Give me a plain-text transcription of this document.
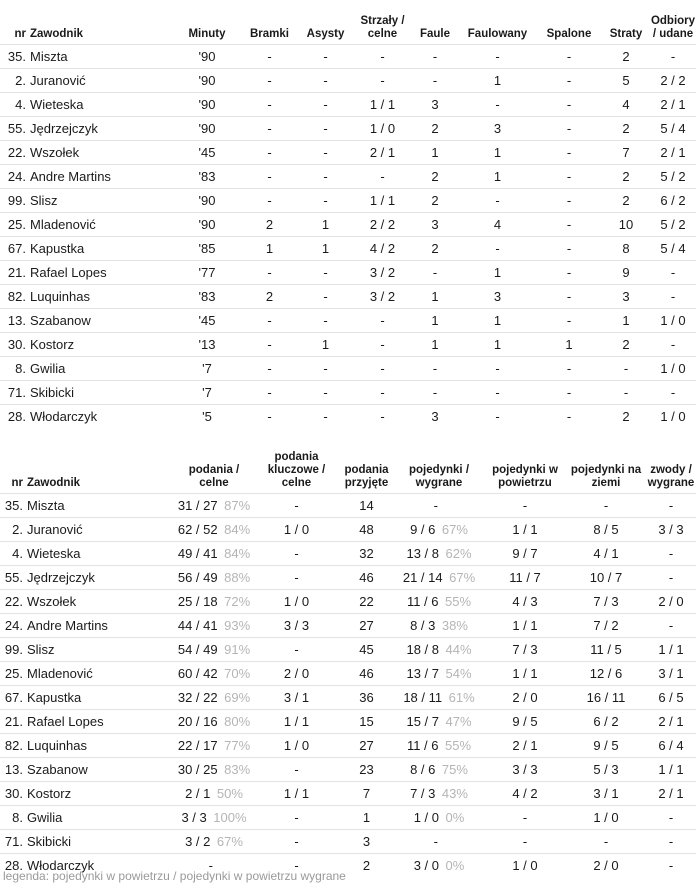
nr	Zawodnik	Minuty	Bramki	Asysty	Strzały / celne	Faule	Faulowany	Spalone	Straty	Odbiory / udane
35.	Miszta	'90	-	-	-	-	-	-	2	-
2.	Juranović	'90	-	-	-	-	1	-	5	2 / 2
4.	Wieteska	'90	-	-	1 / 1	3	-	-	4	2 / 1
55.	Jędrzejczyk	'90	-	-	1 / 0	2	3	-	2	5 / 4
22.	Wszołek	'45	-	-	2 / 1	1	1	-	7	2 / 1
24.	Andre Martins	'83	-	-	-	2	1	-	2	5 / 2
99.	Slisz	'90	-	-	1 / 1	2	-	-	2	6 / 2
25.	Mladenović	'90	2	1	2 / 2	3	4	-	10	5 / 2
67.	Kapustka	'85	1	1	4 / 2	2	-	-	8	5 / 4
21.	Rafael Lopes	'77	-	-	3 / 2	-	1	-	9	-
82.	Luquinhas	'83	2	-	3 / 2	1	3	-	3	-
13.	Szabanow	'45	-	-	-	1	1	-	1	1 / 0
30.	Kostorz	'13	-	1	-	1	1	1	2	-
8.	Gwilia	'7	-	-	-	-	-	-	-	1 / 0
71.	Skibicki	'7	-	-	-	-	-	-	-	-
28.	Włodarczyk	'5	-	-	-	3	-	-	2	1 / 0
nr	Zawodnik	podania / celne	podania kluczowe / celne	podania przyjęte	pojedynki / wygrane	pojedynki w powietrzu	pojedynki na ziemi	zwody / wygrane
35.	Miszta	31 / 27  87%	-	14	- 	-	-	-
2.	Juranović	62 / 52  84%	1 / 0	48	9 / 6  67%	1 / 1	8 / 5	3 / 3
4.	Wieteska	49 / 41  84%	-	32	13 / 8  62%	9 / 7	4 / 1	-
55.	Jędrzejczyk	56 / 49  88%	-	46	21 / 14  67%	11 / 7	10 / 7	-
22.	Wszołek	25 / 18  72%	1 / 0	22	11 / 6  55%	4 / 3	7 / 3	2 / 0
24.	Andre Martins	44 / 41  93%	3 / 3	27	8 / 3  38%	1 / 1	7 / 2	-
99.	Slisz	54 / 49  91%	-	45	18 / 8  44%	7 / 3	11 / 5	1 / 1
25.	Mladenović	60 / 42  70%	2 / 0	46	13 / 7  54%	1 / 1	12 / 6	3 / 1
67.	Kapustka	32 / 22  69%	3 / 1	36	18 / 11  61%	2 / 0	16 / 11	6 / 5
21.	Rafael Lopes	20 / 16  80%	1 / 1	15	15 / 7  47%	9 / 5	6 / 2	2 / 1
82.	Luquinhas	22 / 17  77%	1 / 0	27	11 / 6  55%	2 / 1	9 / 5	6 / 4
13.	Szabanow	30 / 25  83%	-	23	8 / 6  75%	3 / 3	5 / 3	1 / 1
30.	Kostorz	2 / 1  50%	1 / 1	7	7 / 3  43%	4 / 2	3 / 1	2 / 1
8.	Gwilia	3 / 3  100%	-	1	1 / 0  0%	-	1 / 0	-
71.	Skibicki	3 / 2  67%	-	3	- 	-	-	-
28.	Włodarczyk	- 	-	2	3 / 0  0%	1 / 0	2 / 0	-
legenda: pojedynki w powietrzu / pojedynki w powietrzu wygrane
